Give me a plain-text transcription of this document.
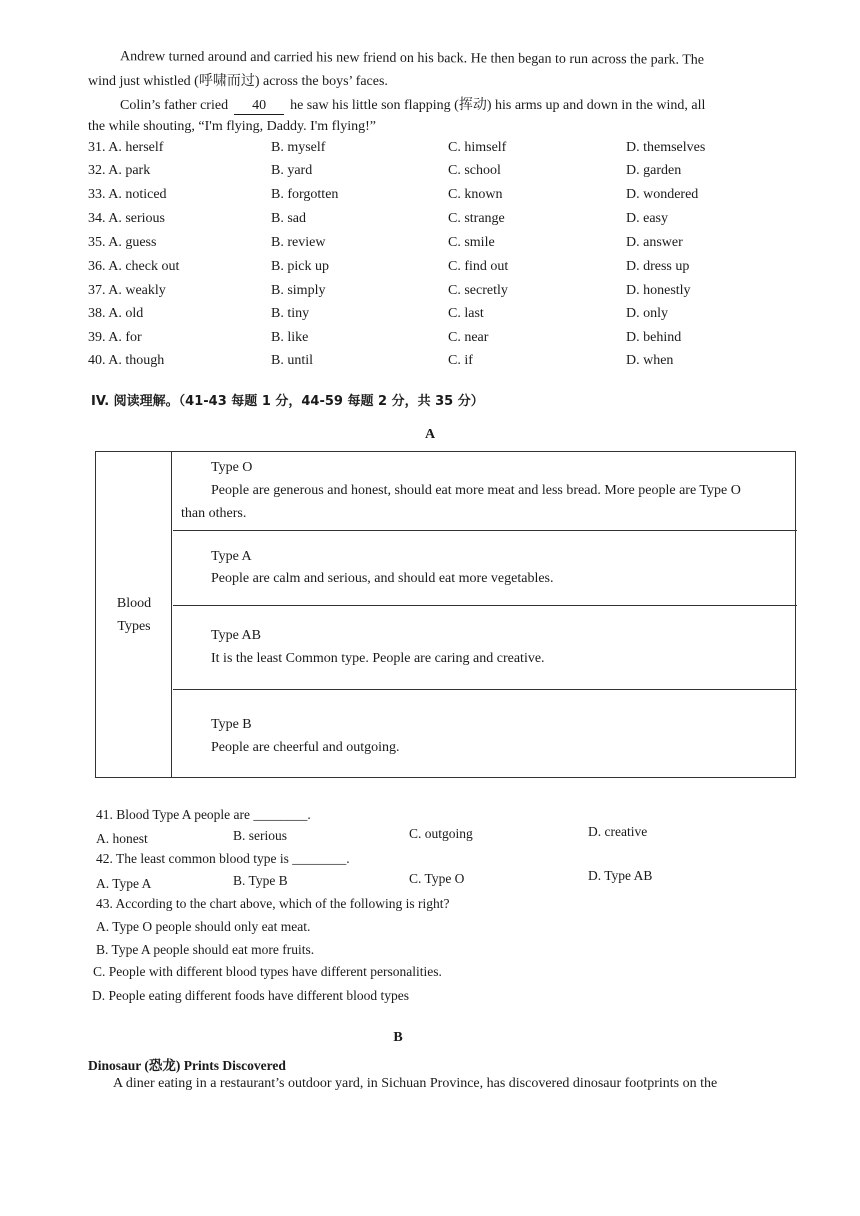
Andrew turned around and carried his new friend on his back. He then began to run across the park. The
wind just whistled (呼啸而过) across the boys’ faces.
Colin’s father cried 40 he saw his little son flapping (挥动) his arms up and down in the wind, all
the while shouting, “I'm flying, Daddy. I'm flying!”
31. A. herself	B. myself	C. himself	D. themselves
32. A. park	B. yard	C. school	D. garden
33. A. noticed	B. forgotten	C. known	D. wondered
34. A. serious	B. sad	C. strange	D. easy
35. A. guess	B. review	C. smile	D. answer
36. A. check out	B. pick up	C. find out	D. dress up
37. A. weakly	B. simply	C. secretly	D. honestly
38. A. old	B. tiny	C. last	D. only
39. A. for	B. like	C. near	D. behind
40. A. though	B. until	C. if	D. when
IV. 阅读理解。（41-43 每题 1 分，44-59 每题 2 分，共 35 分）
A
Blood
Types
Type O
People are generous and honest, should eat more meat and less bread. More people are Type O
than others.
Type A
People are calm and serious, and should eat more vegetables.
Type AB
It is the least Common type. People are caring and creative.
Type B
People are cheerful and outgoing.
41. Blood Type A people are ________.
A. honest	B. serious	C. outgoing	D. creative
42. The least common blood type is ________.
A. Type A	B. Type B	C. Type O	D. Type AB
43. According to the chart above, which of the following is right?
A. Type O people should only eat meat.
B. Type A people should eat more fruits.
C. People with different blood types have different personalities.
D. People eating different foods have different blood types
B
Dinosaur (恐龙) Prints Discovered
A diner eating in a restaurant’s outdoor yard, in Sichuan Province, has discovered dinosaur footprints on the
